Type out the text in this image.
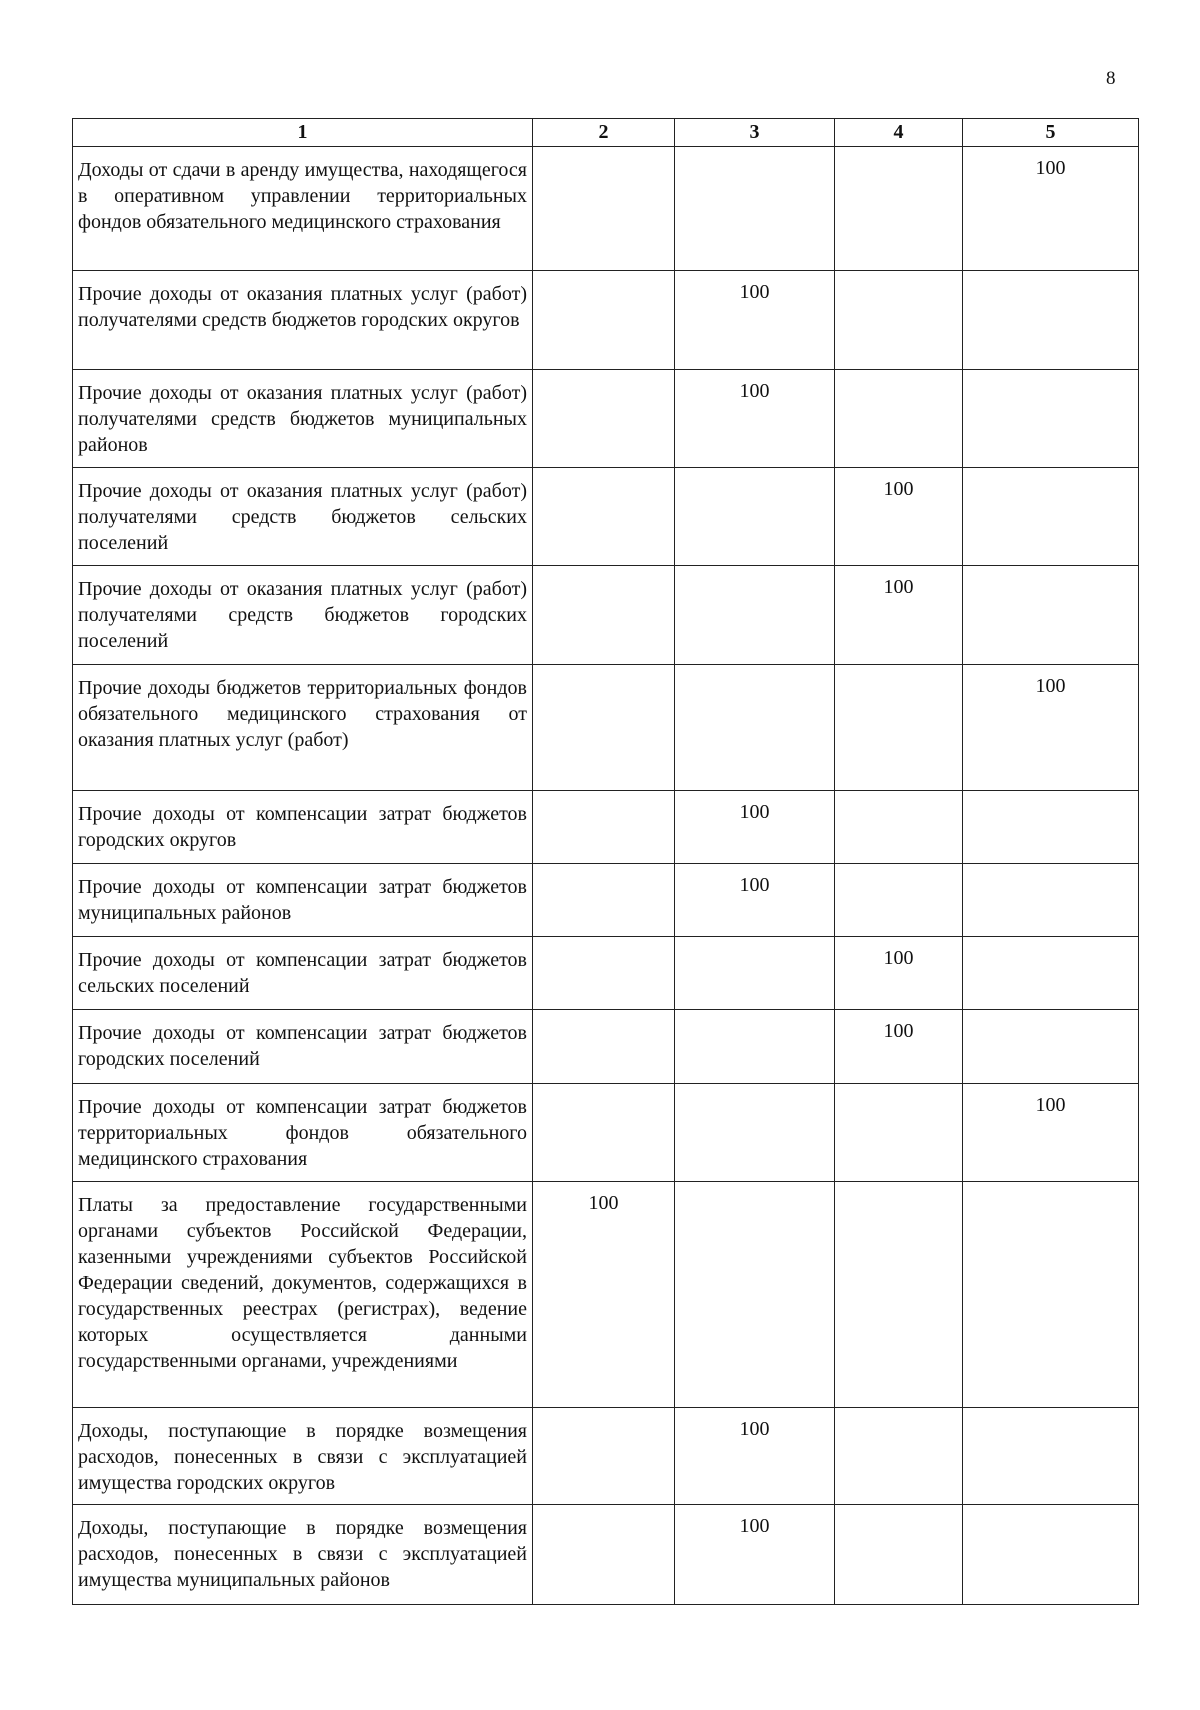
8
1	2	3	4	5

Доходы от сдачи в аренду имущества, находящегося в оперативном управлении территориальных фондов обязательного медицинского страхования				100

Прочие доходы от оказания платных услуг (работ) получателями средств бюджетов городских округов		100		

Прочие доходы от оказания платных услуг (работ) получателями средств бюджетов муниципальных районов		100		

Прочие доходы от оказания платных услуг (работ) получателями средств бюджетов сельских поселений			100	

Прочие доходы от оказания платных услуг (работ) получателями средств бюджетов городских поселений			100	

Прочие доходы бюджетов территориальных фондов обязательного медицинского страхования от оказания платных услуг (работ)				100

Прочие доходы от компенсации затрат бюджетов городских округов		100		

Прочие доходы от компенсации затрат бюджетов муниципальных районов		100		

Прочие доходы от компенсации затрат бюджетов сельских поселений			100	

Прочие доходы от компенсации затрат бюджетов городских поселений			100	

Прочие доходы от компенсации затрат бюджетов территориальных фондов обязательного медицинского страхования				100

Платы за предоставление государственными органами субъектов Российской Федерации, казенными учреждениями субъектов Российской Федерации сведений, документов, содержащихся в государственных реестрах (регистрах), ведение которых осуществляется данными государственными органами, учреждениями	100			

Доходы, поступающие в порядке возмещения расходов, понесенных в связи с эксплуатацией имущества городских округов		100		

Доходы, поступающие в порядке возмещения расходов, понесенных в связи с эксплуатацией имущества муниципальных районов		100		
